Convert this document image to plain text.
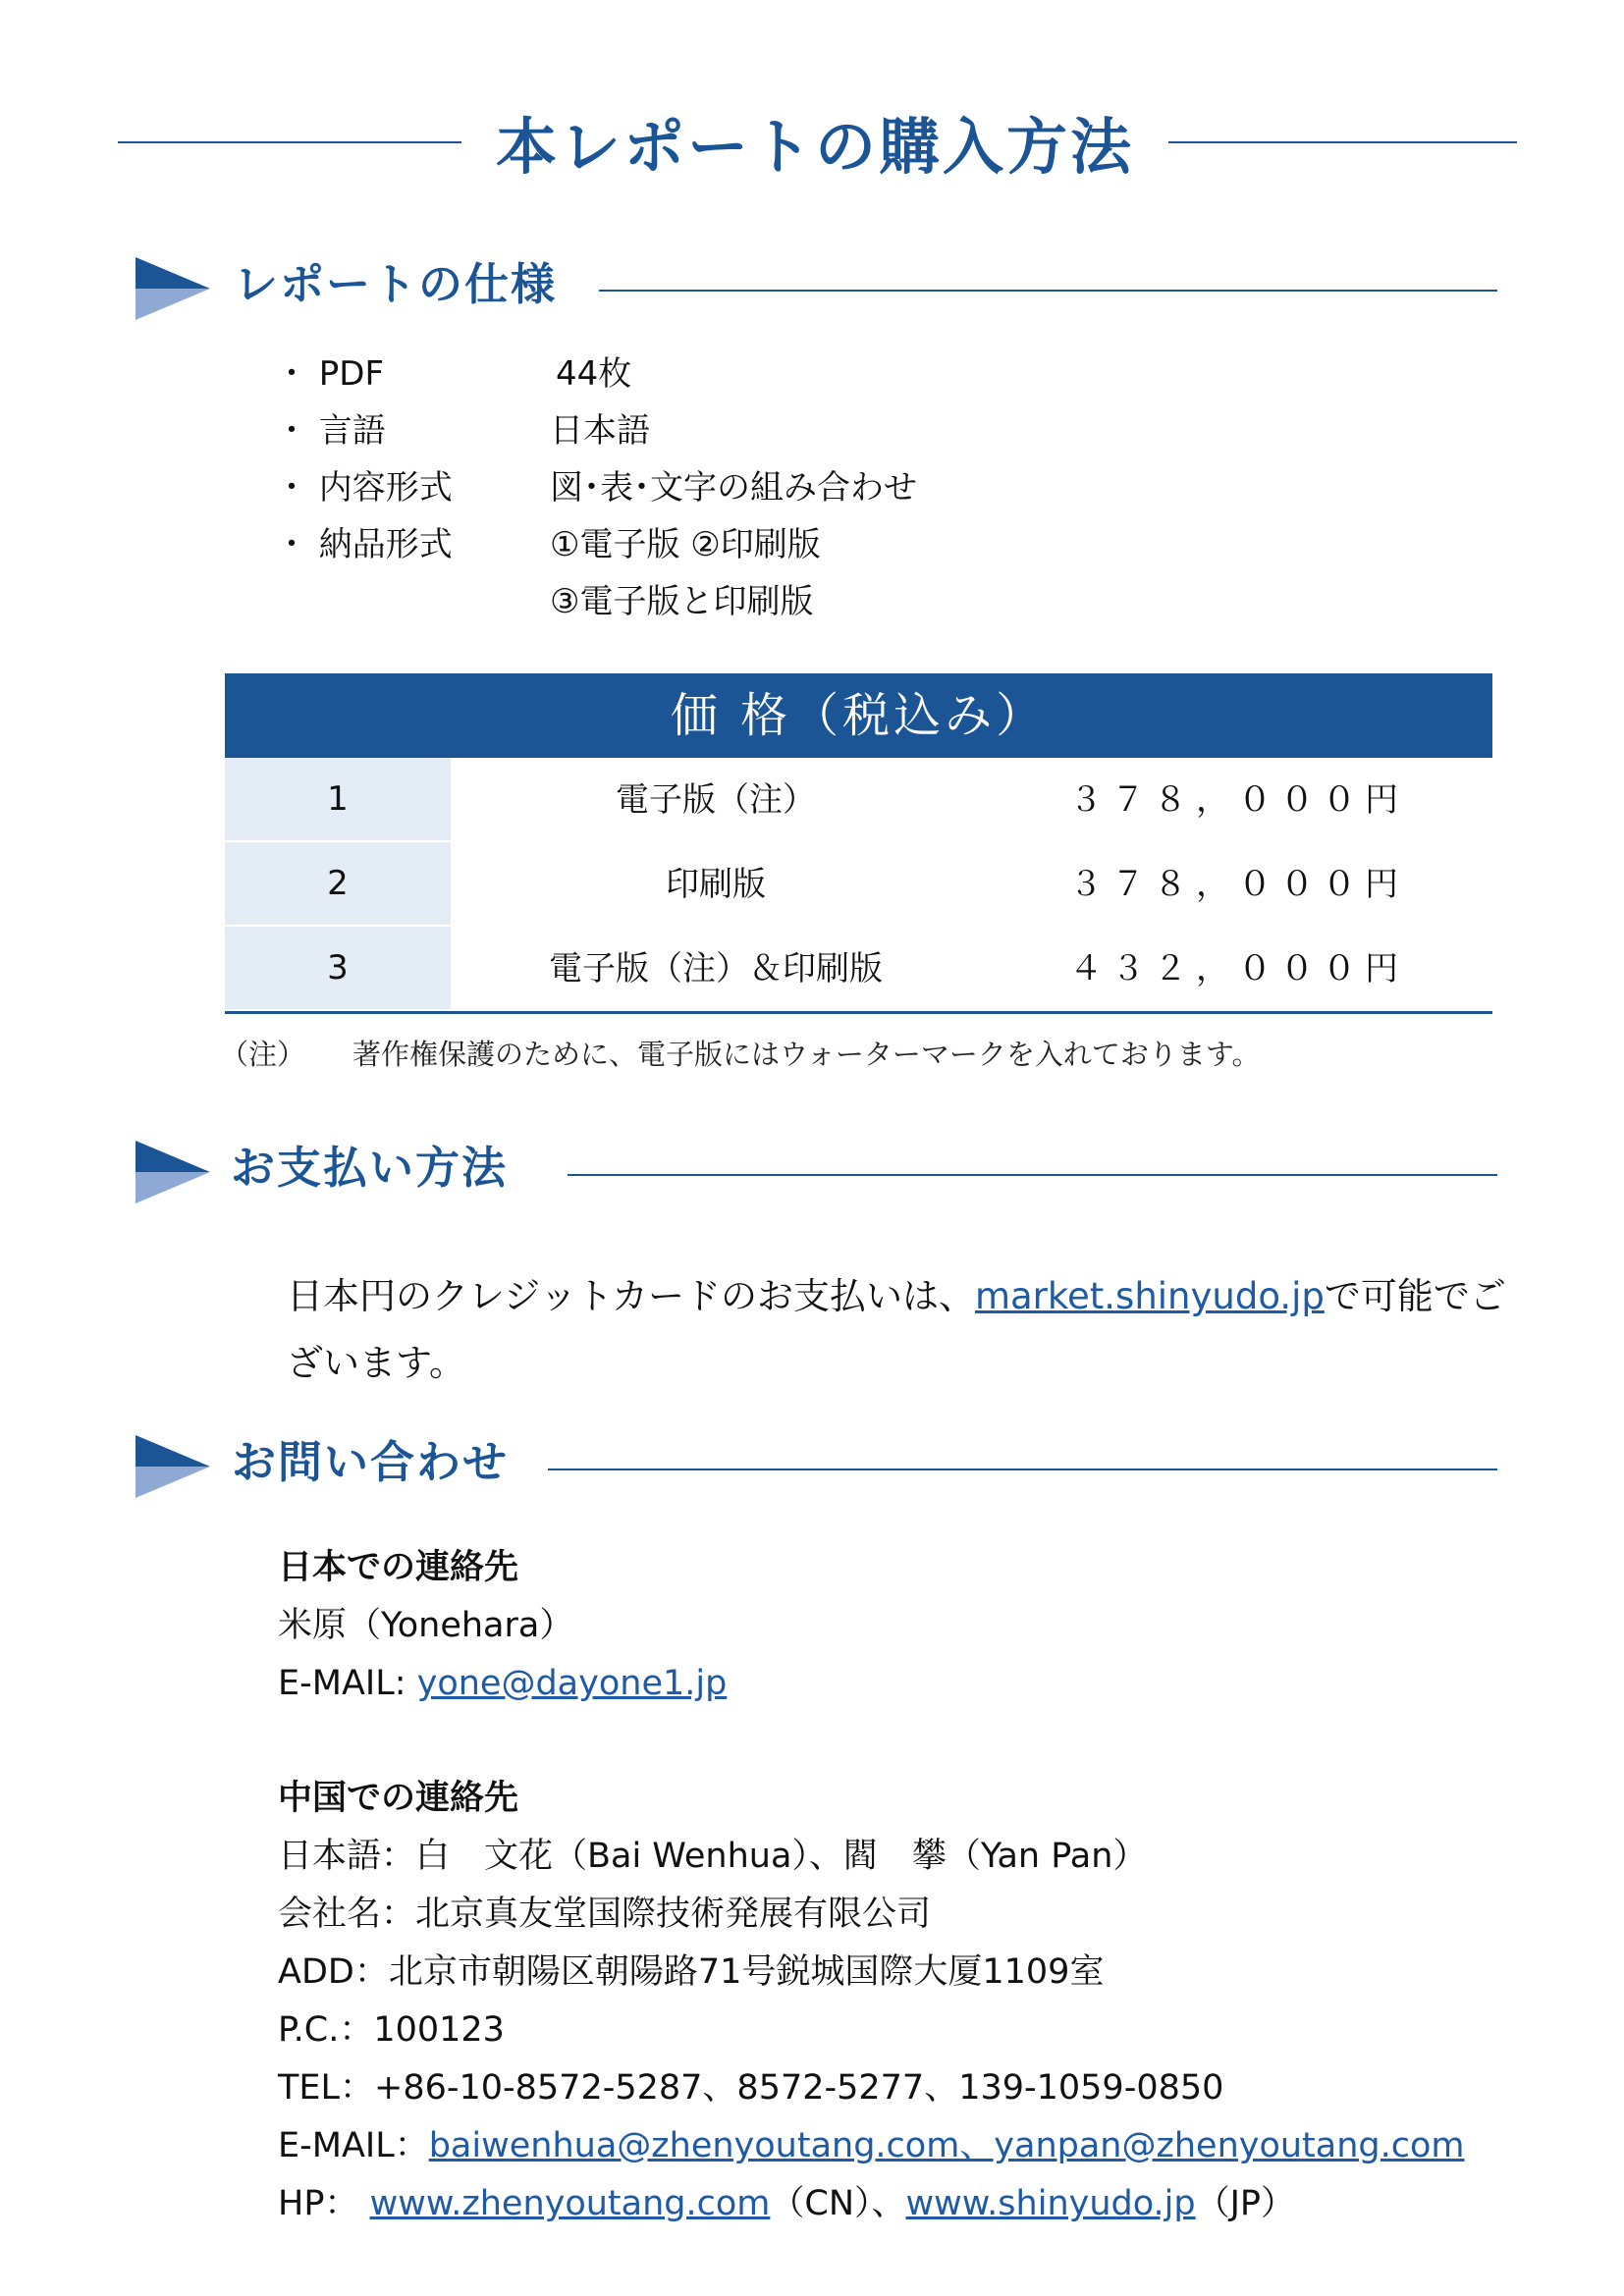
本レポートの購入方法
レポートの仕様
・ PDF	44枚
・ 言語	日本語
・ 内容形式	図･表･文字の組み合わせ
・ 納品形式	①電子版 ②印刷版
③電子版と印刷版
価 格（税込み）
1	電子版（注）	３７８，０００円
2	印刷版	３７８，０００円
3	電子版（注）＆印刷版	４３２，０００円
（注） 著作権保護のために、電子版にはウォーターマークを入れております。
お支払い方法
日本円のクレジットカードのお支払いは、market.shinyudo.jpで可能でご
ざいます。
お問い合わせ
日本での連絡先
米原（Yonehara）
E-MAIL: yone@dayone1.jp
中国での連絡先
日本語：白　文花（Bai Wenhua）、閻　攀（Yan Pan）
会社名：北京真友堂国際技術発展有限公司
ADD：北京市朝陽区朝陽路71号鋭城国際大厦1109室
P.C.：100123
TEL：+86-10-8572-5287、8572-5277、139-1059-0850
E-MAIL：baiwenhua@zhenyoutang.com、yanpan@zhenyoutang.com
HP： www.zhenyoutang.com（CN）、www.shinyudo.jp（JP）
